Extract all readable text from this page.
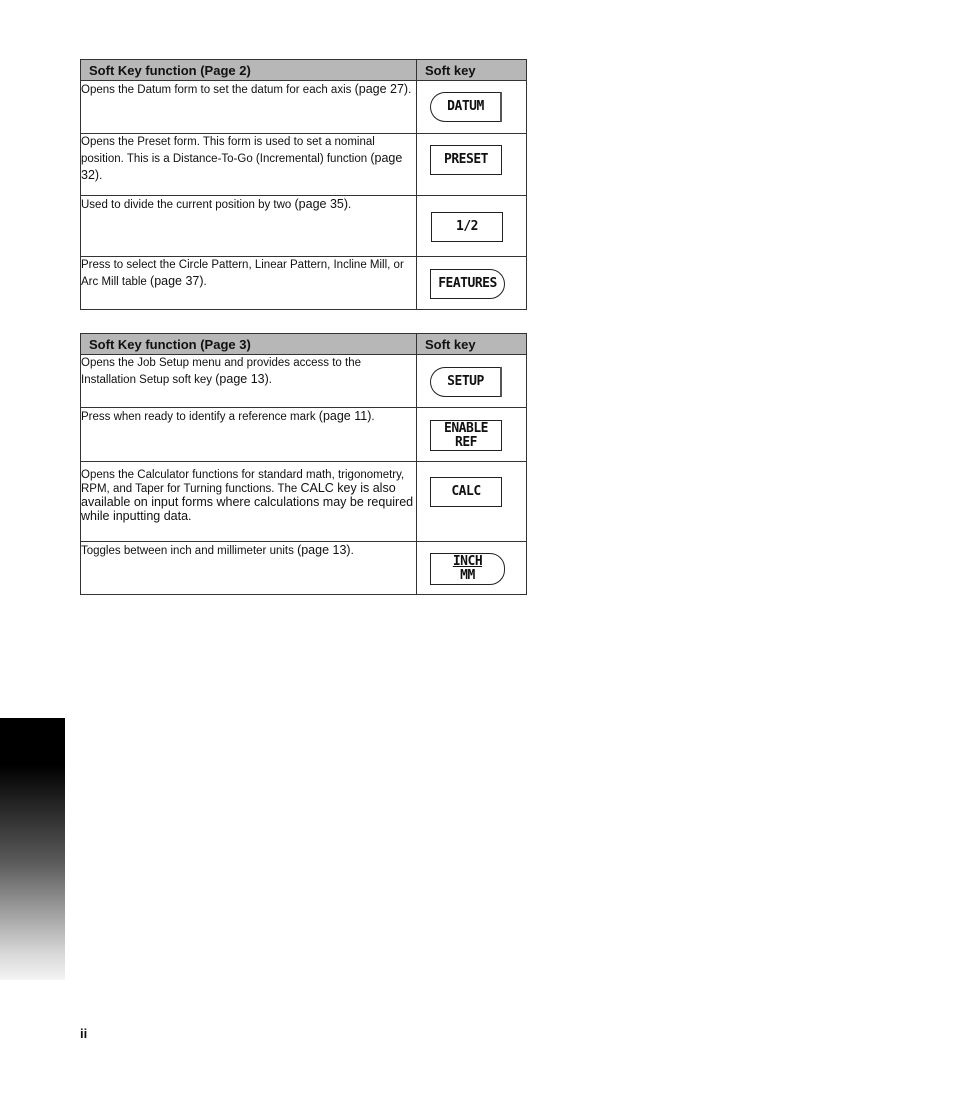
Soft Key function (Page 2)	Soft key
Opens the Datum form to set the datum for each axis (page 27).	DATUM

Opens the Preset form. This form is used to set a nominal position. This is a Distance-To-Go (Incremental) function (page 32).	PRESET

Used to divide the current position by two (page 35).	1/2

Press to select the Circle Pattern, Linear Pattern, Incline Mill, or Arc Mill table (page 37).	FEATURES
Soft Key function (Page 3)	Soft key
Opens the Job Setup menu and provides access to the Installation Setup soft key (page 13).	SETUP

Press when ready to identify a reference mark (page 11).	ENABLE
REF

Opens the Calculator functions for standard math, trigonometry, RPM, and Taper for Turning functions. The CALC key is also available on input forms where calculations may be required while inputting data.	CALC

Toggles between inch and millimeter units (page 13).	INCH
MM
ii
